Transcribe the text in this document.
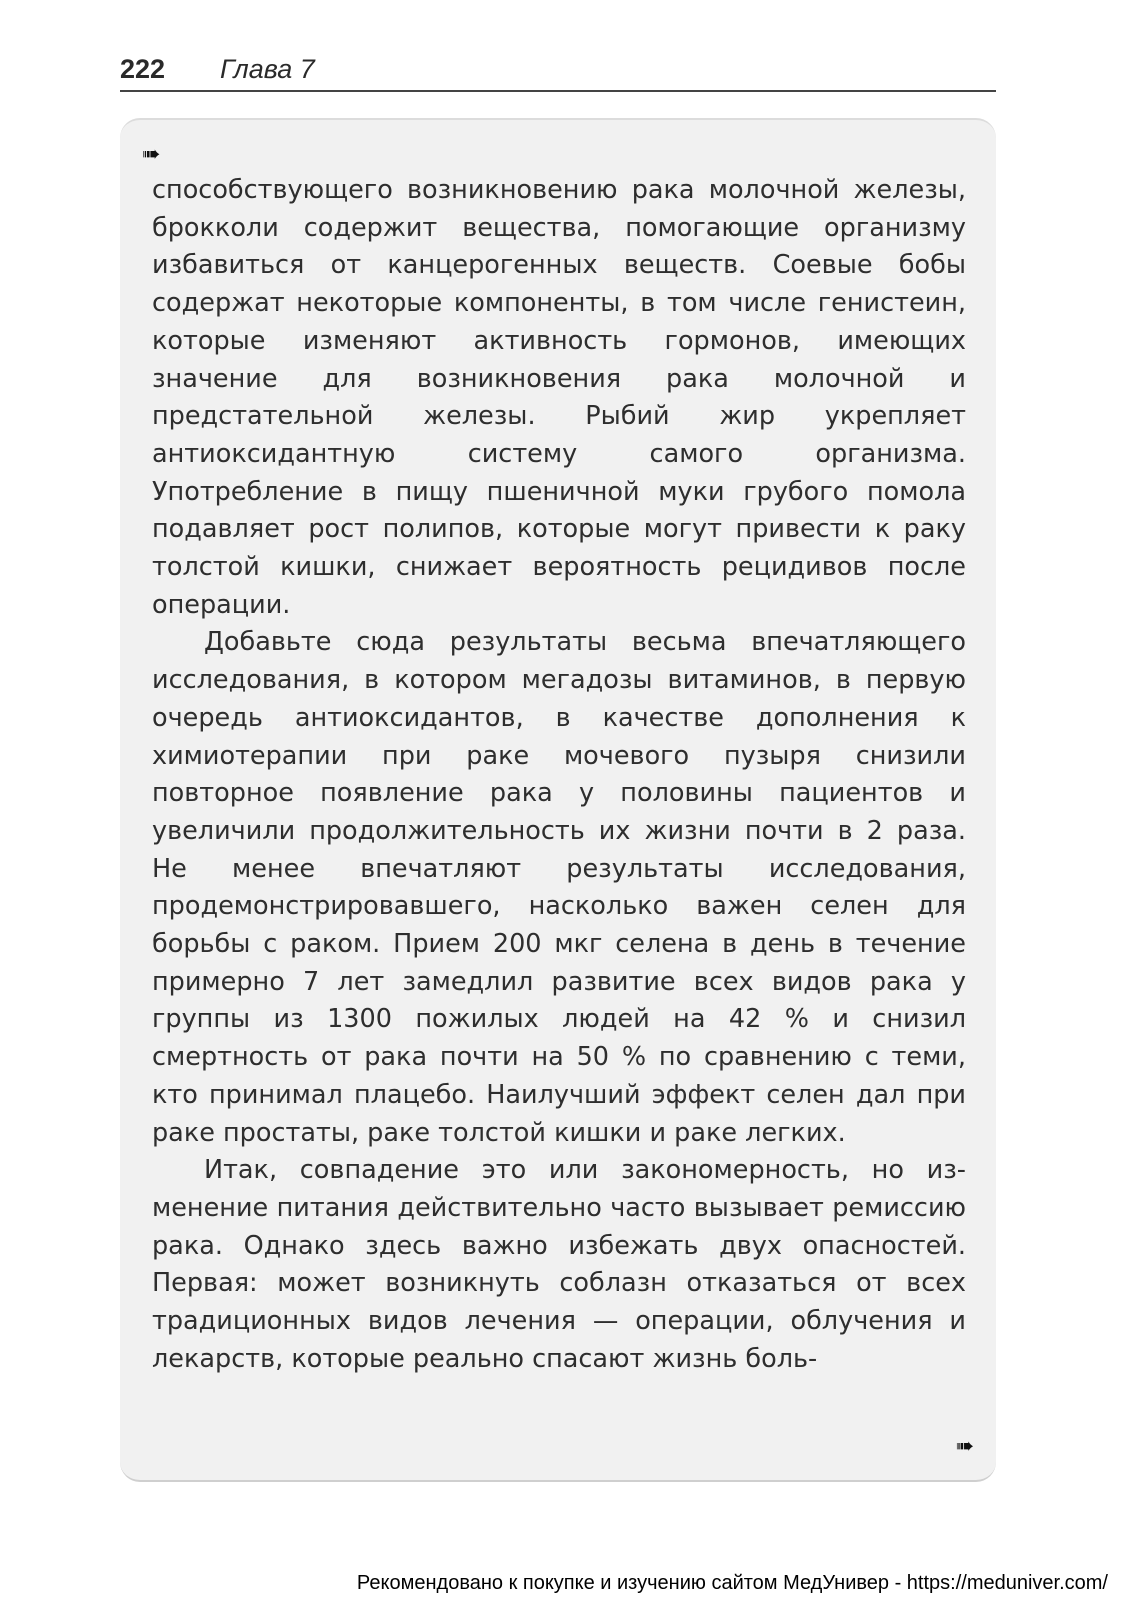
222 Глава 7
➠

способствующего возникновению рака молочной железы, брокколи содержит вещества, помогающие организму избавиться от канцерогенных веществ. Соевые бобы содержат некоторые компоненты, в том числе генистеин, которые изменяют активность гормонов, имеющих значение для возникновения рака молочной и предстательной железы. Рыбий жир укрепляет антиоксидантную систему самого организма. Употребление в пищу пшеничной муки грубого помола подавляет рост полипов, которые могут привести к раку толстой кишки, снижает вероятность рецидивов после операции.

Добавьте сюда результаты весьма впечатляющего исследования, в котором мегадозы витаминов, в первую очередь антиоксидантов, в качестве дополнения к химиотерапии при раке мочевого пузыря снизили повторное появление рака у половины пациентов и увеличили продолжительность их жизни почти в 2 раза. Не менее впечатляют результаты исследования, продемонстрировавшего, насколько важен селен для борьбы с раком. Прием 200 мкг селена в день в течение примерно 7 лет замедлил развитие всех видов рака у группы из 1300 пожилых людей на 42 % и снизил смертность от рака почти на 50 % по сравнению с теми, кто принимал плацебо. Наилучший эффект селен дал при раке простаты, раке толстой кишки и раке легких.

Итак, совпадение это или закономерность, но изменение питания действительно часто вызывает ремиссию рака. Однако здесь важно избежать двух опасностей. Первая: может возникнуть соблазн отказаться от всех традиционных видов лечения — операции, облучения и лекарств, которые реально спасают жизнь боль-

➠
Рекомендовано к покупке и изучению сайтом МедУнивер - https://meduniver.com/
